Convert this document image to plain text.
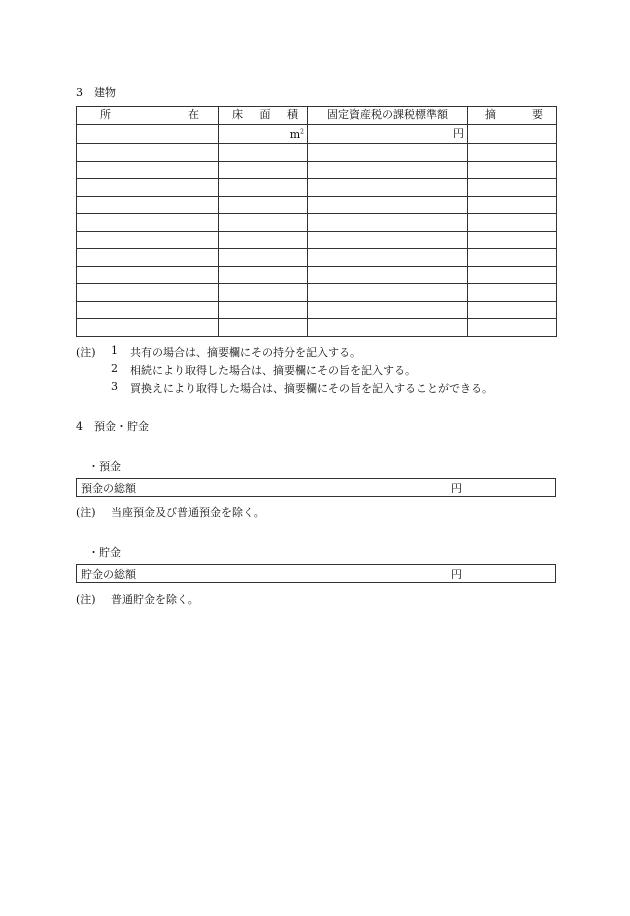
3　建物
所 在	床 面 積	固定資産税の課税標準額	摘 要

	$m^2$	円	

(注) 1 共有の場合は、摘要欄にその持分を記入する。
2 相続により取得した場合は、摘要欄にその旨を記入する。
3 買換えにより取得した場合は、摘要欄にその旨を記入することができる。
4　預金・貯金
・預金
預金の総額	円
(注) 当座預金及び普通預金を除く。
・貯金
貯金の総額	円
(注) 普通貯金を除く。
